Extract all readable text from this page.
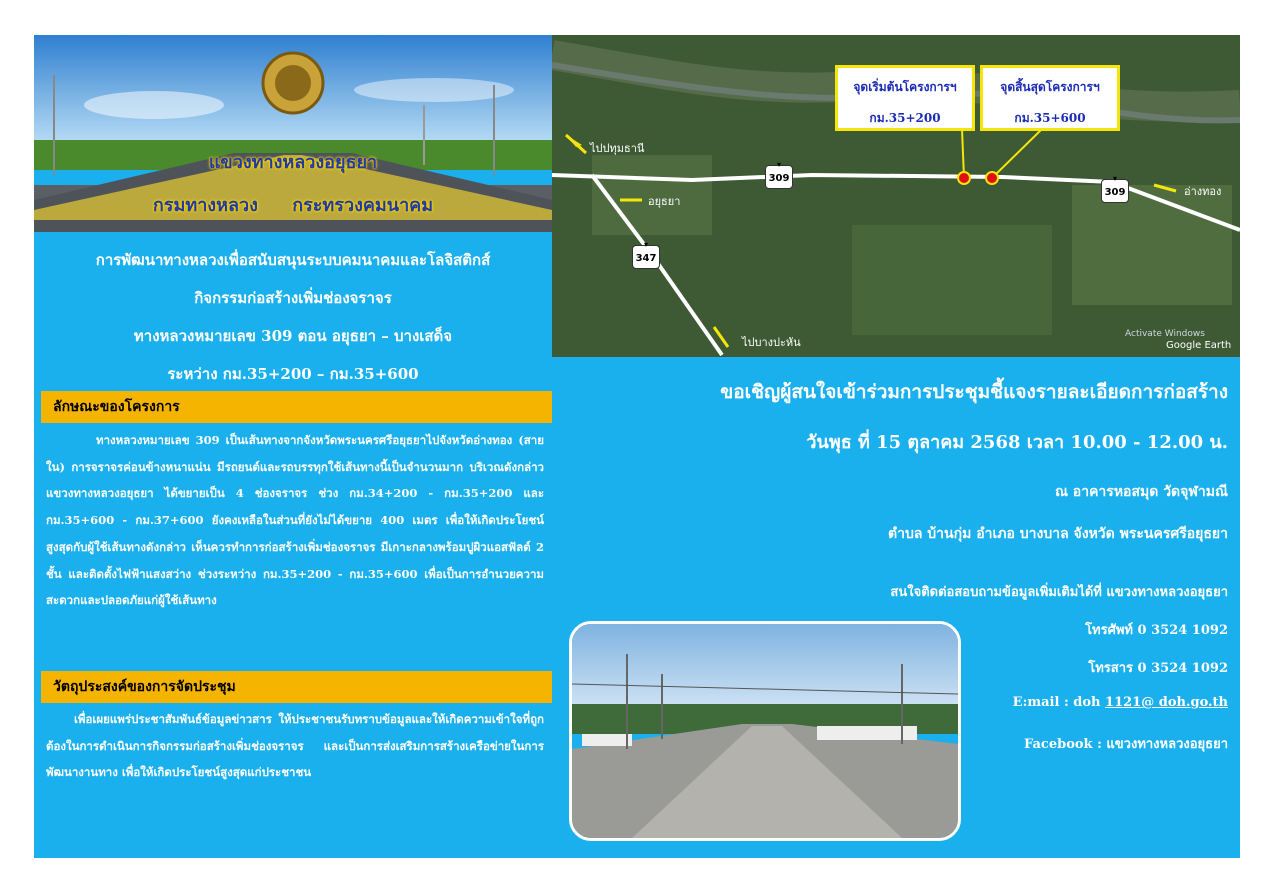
แขวงทางหลวงอยุธยา
กรมทางหลวง กระทรวงคมนาคม
การพัฒนาทางหลวงเพื่อสนับสนุนระบบคมนาคมและโลจิสติกส์
กิจกรรมก่อสร้างเพิ่มช่องจราจร
ทางหลวงหมายเลข 309 ตอน อยุธยา – บางเสด็จ
ระหว่าง กม.35+200 – กม.35+600
ลักษณะของโครงการ
ทางหลวงหมายเลข 309 เป็นเส้นทางจากจังหวัดพระนครศรีอยุธยาไปจังหวัดอ่างทอง (สายใน) การจราจรค่อนข้างหนาแน่น มีรถยนต์และรถบรรทุกใช้เส้นทางนี้เป็นจำนวนมาก บริเวณดังกล่าว แขวงทางหลวงอยุธยา ได้ขยายเป็น 4 ช่องจราจร ช่วง กม.34+200 - กม.35+200 และกม.35+600 - กม.37+600 ยังคงเหลือในส่วนที่ยังไม่ได้ขยาย 400 เมตร เพื่อให้เกิดประโยชน์สูงสุดกับผู้ใช้เส้นทางดังกล่าว เห็นควรทำการก่อสร้างเพิ่มช่องจราจร มีเกาะกลางพร้อมปูผิวแอสฟัลต์ 2 ชั้น และติดตั้งไฟฟ้าแสงสว่าง ช่วงระหว่าง กม.35+200 - กม.35+600 เพื่อเป็นการอำนวยความสะดวกและปลอดภัยแก่ผู้ใช้เส้นทาง
วัตถุประสงค์ของการจัดประชุม
เพื่อเผยแพร่ประชาสัมพันธ์ข้อมูลข่าวสาร ให้ประชาชนรับทราบข้อมูลและให้เกิดความเข้าใจที่ถูกต้องในการดำเนินการกิจกรรมก่อสร้างเพิ่มช่องจราจร และเป็นการส่งเสริมการสร้างเครือข่ายในการพัฒนางานทาง เพื่อให้เกิดประโยชน์สูงสุดแก่ประชาชน
จุดเริ่มต้นโครงการฯ
กม.35+200
จุดสิ้นสุดโครงการฯ
กม.35+600
ไปปทุมธานี
อยุธยา
อ่างทอง
ไปบางปะหัน
▾ 309
▾ 309
▾ 347
Activate Windows
Google Earth
ขอเชิญผู้สนใจเข้าร่วมการประชุมชี้แจงรายละเอียดการก่อสร้าง
วันพุธ ที่ 15 ตุลาคม 2568 เวลา 10.00 - 12.00 น.
ณ อาคารหอสมุด วัดจุฬามณี
ตำบล บ้านกุ่ม อำเภอ บางบาล จังหวัด พระนครศรีอยุธยา
สนใจติดต่อสอบถามข้อมูลเพิ่มเติมได้ที่ แขวงทางหลวงอยุธยา
โทรศัพท์ 0 3524 1092
โทรสาร 0 3524 1092
E:mail : doh 1121@ doh.go.th
Facebook : แขวงทางหลวงอยุธยา
